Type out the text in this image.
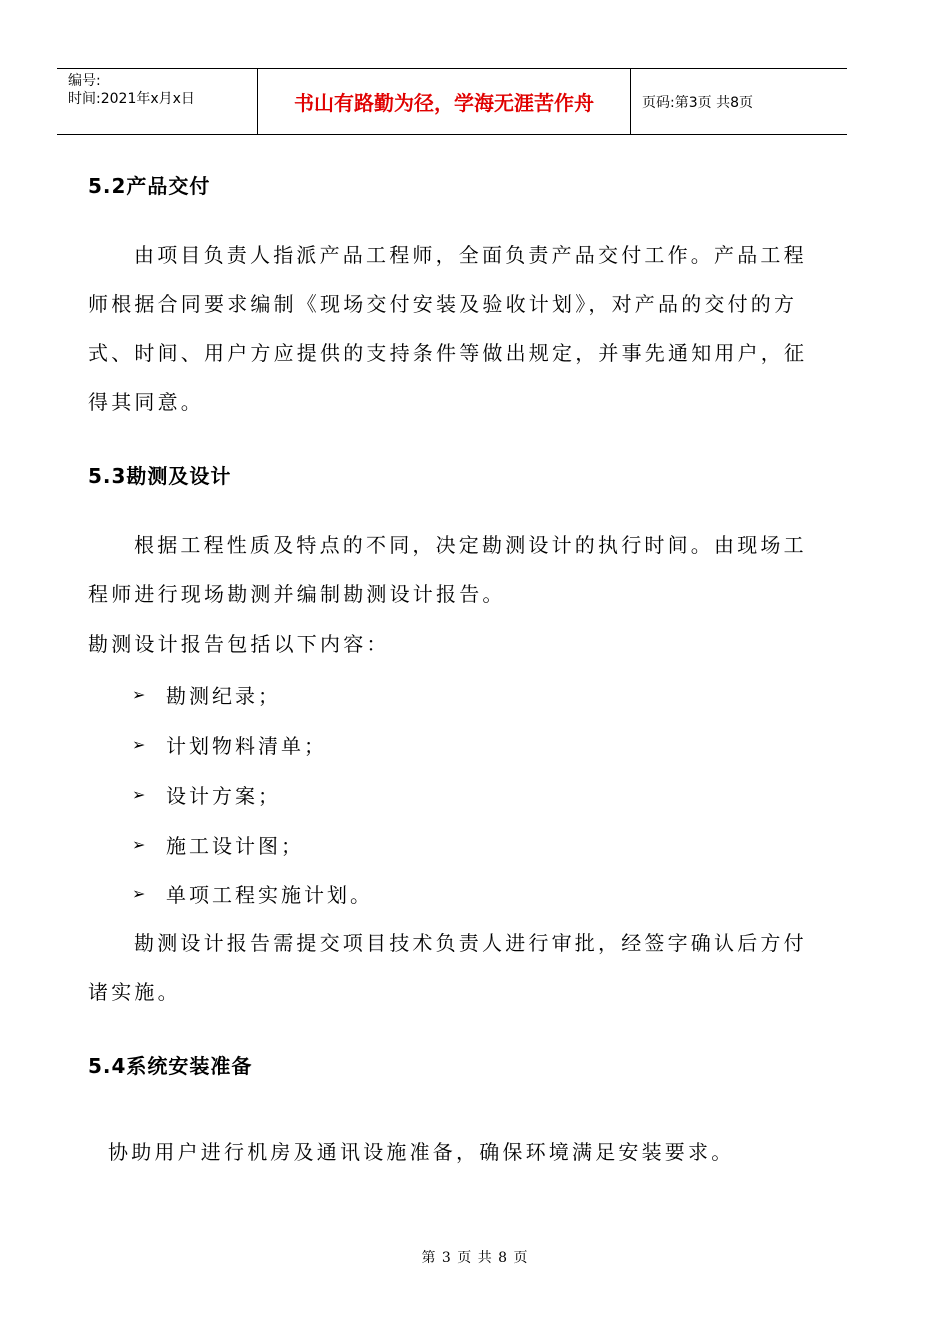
编号:
时间:2021年x月x日	书山有路勤为径，学海无涯苦作舟	页码:第3页 共8页
5.2产品交付

由项目负责人指派产品工程师，全面负责产品交付工作。产品工程师根据合同要求编制《现场交付安装及验收计划》，对产品的交付的方式、时间、用户方应提供的支持条件等做出规定，并事先通知用户，征得其同意。

5.3勘测及设计

根据工程性质及特点的不同，决定勘测设计的执行时间。由现场工程师进行现场勘测并编制勘测设计报告。

勘测设计报告包括以下内容：

➢ 勘测纪录；
➢ 计划物料清单；
➢ 设计方案；
➢ 施工设计图；
➢ 单项工程实施计划。

勘测设计报告需提交项目技术负责人进行审批，经签字确认后方付诸实施。

5.4系统安装准备

协助用户进行机房及通讯设施准备，确保环境满足安装要求。

第 3 页 共 8 页
